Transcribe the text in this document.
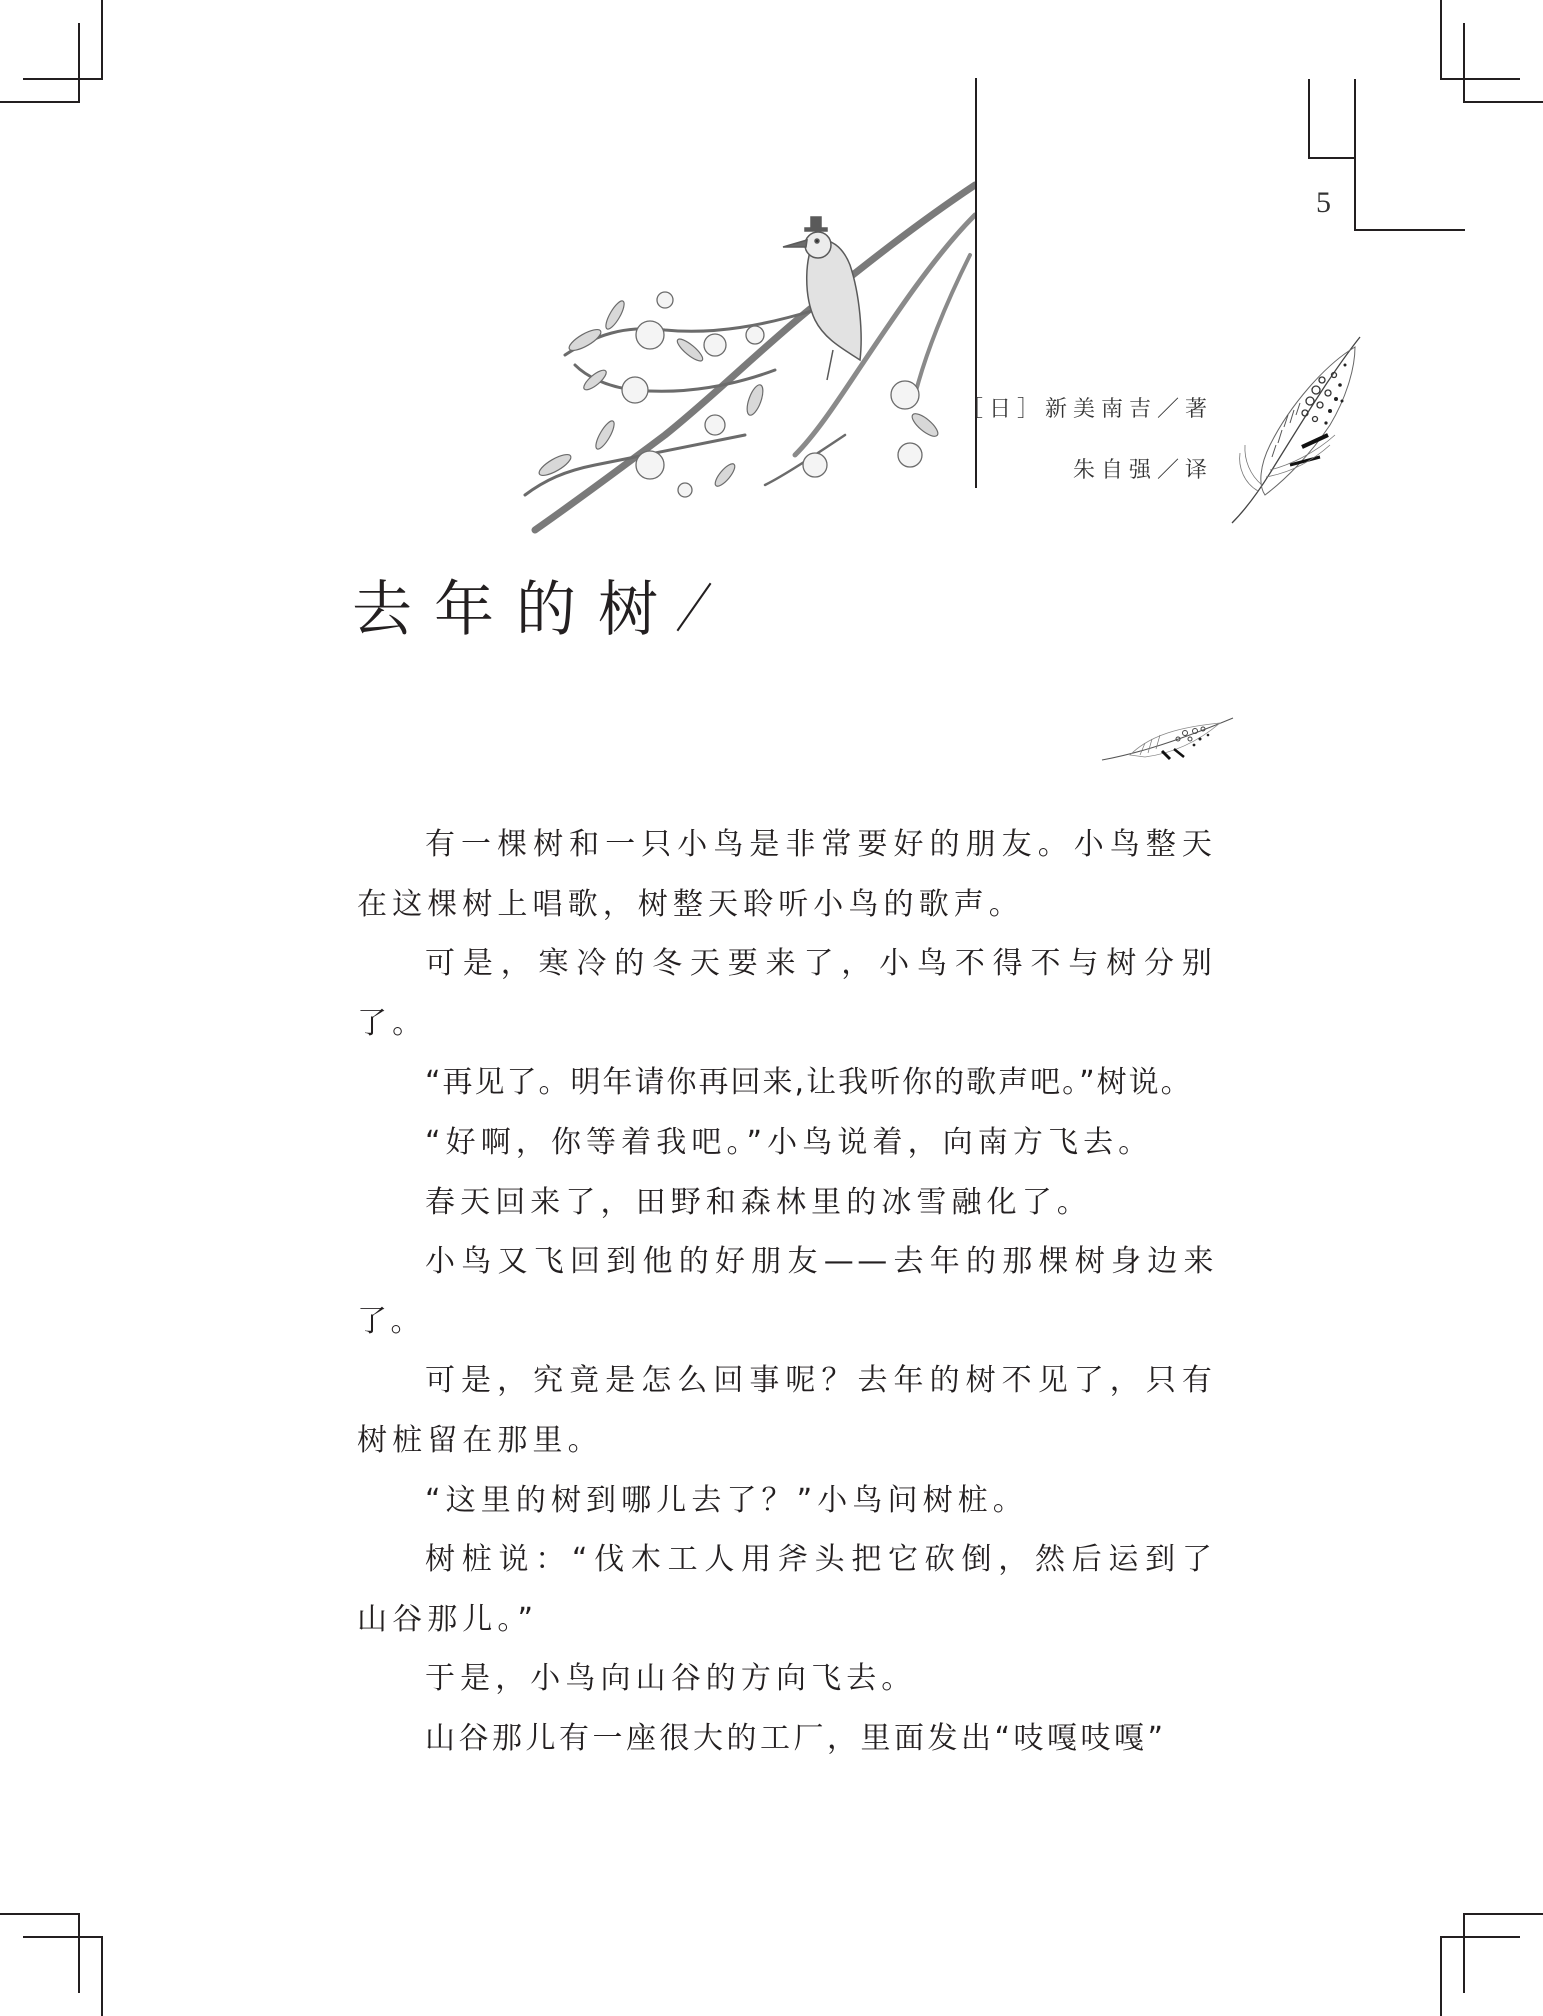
5
［日］新美南吉／著
朱自强／译
去年的树

有一棵树和一只小鸟是非常要好的朋友。小鸟整天在这棵树上唱歌，树整天聆听小鸟的歌声。

可是，寒冷的冬天要来了，小鸟不得不与树分别了。

“再见了。明年请你再回来,让我听你的歌声吧。”树说。

“好啊，你等着我吧。”小鸟说着，向南方飞去。

春天回来了，田野和森林里的冰雪融化了。

小鸟又飞回到他的好朋友——去年的那棵树身边来了。

可是，究竟是怎么回事呢？去年的树不见了，只有树桩留在那里。

“这里的树到哪儿去了？”小鸟问树桩。

树桩说：“伐木工人用斧头把它砍倒，然后运到了山谷那儿。”

于是，小鸟向山谷的方向飞去。

山谷那儿有一座很大的工厂，里面发出“吱嘎吱嘎”
